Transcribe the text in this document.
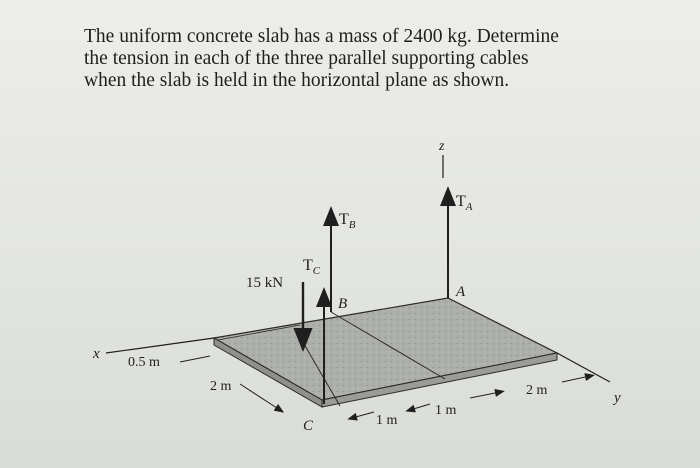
The uniform concrete slab has a mass of 2400 kg. Determine
the tension in each of the three parallel supporting cables
when the slab is held in the horizontal plane as shown.
z
x
y
$T_A$
A
$T_B$
B
$T_C$
C
15 kN
0.5 m
2 m
1 m
1 m
2 m
